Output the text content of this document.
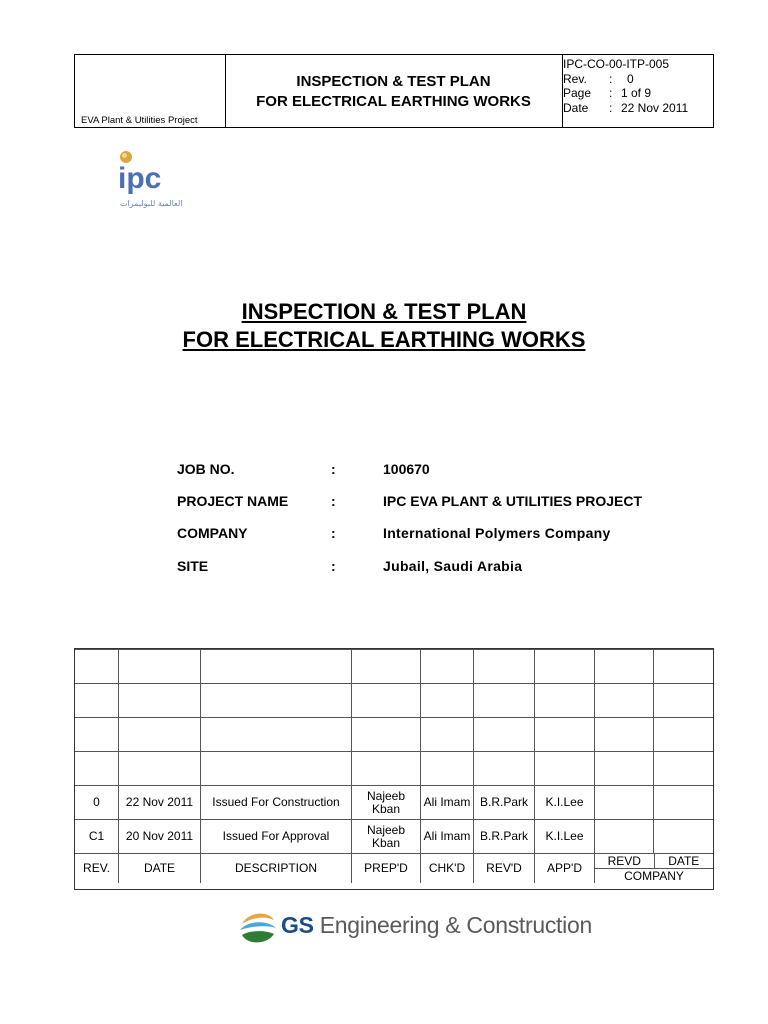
EVA Plant & Utilities Project
INSPECTION & TEST PLAN
FOR ELECTRICAL EARTHING WORKS
IPC-CO-00-ITP-005
Rev. : 0
Page : 1 of 9
Date : 22 Nov 2011
ipc
العالمية للبوليمرات
INSPECTION & TEST PLAN
FOR ELECTRICAL EARTHING WORKS
JOB NO.	:	100670
PROJECT NAME	:	IPC EVA PLANT & UTILITIES PROJECT
COMPANY	:	International Polymers Company
SITE	:	Jubail, Saudi Arabia

0	22 Nov 2011	Issued For Construction	Najeeb Kban	Ali Imam	B.R.Park	K.I.Lee		
C1	20 Nov 2011	Issued For Approval	Najeeb Kban	Ali Imam	B.R.Park	K.I.Lee		
REV.	DATE	DESCRIPTION	PREP'D	CHK'D	REV'D	APP'D	REVD DATE
COMPANY	
GS Engineering & Construction
